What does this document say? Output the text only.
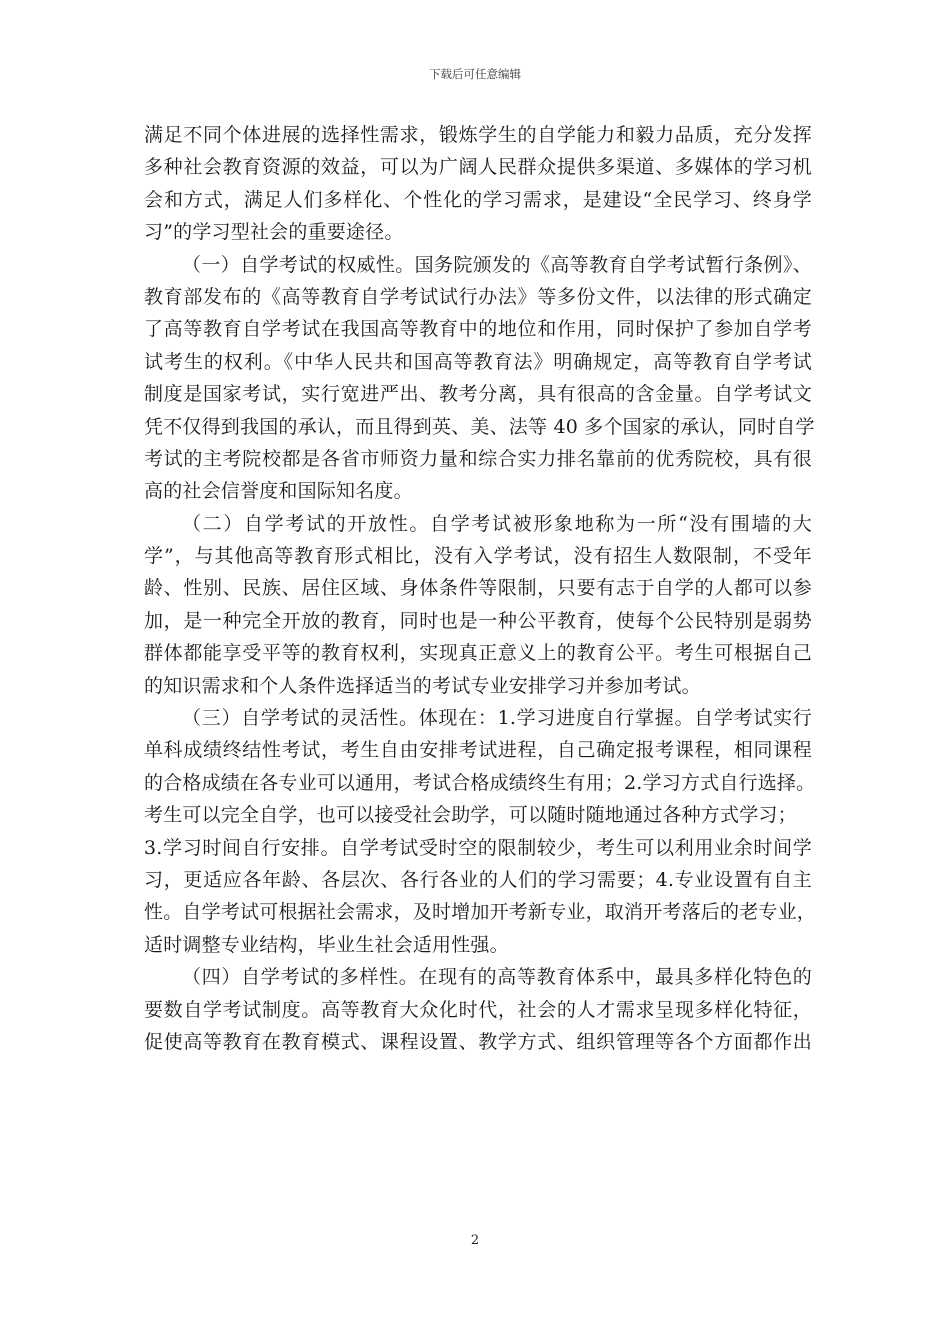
下载后可任意编辑
满足不同个体进展的选择性需求，锻炼学生的自学能力和毅力品质，充分发挥
多种社会教育资源的效益，可以为广阔人民群众提供多渠道、多媒体的学习机
会和方式，满足人们多样化、个性化的学习需求，是建设“全民学习、终身学
习”的学习型社会的重要途径。
（一）自学考试的权威性。国务院颁发的《高等教育自学考试暂行条例》、
教育部发布的《高等教育自学考试试行办法》等多份文件，以法律的形式确定
了高等教育自学考试在我国高等教育中的地位和作用，同时保护了参加自学考
试考生的权利。《中华人民共和国高等教育法》明确规定，高等教育自学考试
制度是国家考试，实行宽进严出、教考分离，具有很高的含金量。自学考试文
凭不仅得到我国的承认，而且得到英、美、法等 40 多个国家的承认，同时自学
考试的主考院校都是各省市师资力量和综合实力排名靠前的优秀院校，具有很
高的社会信誉度和国际知名度。
（二）自学考试的开放性。自学考试被形象地称为一所“没有围墙的大
学”，与其他高等教育形式相比，没有入学考试，没有招生人数限制，不受年
龄、性别、民族、居住区域、身体条件等限制，只要有志于自学的人都可以参
加，是一种完全开放的教育，同时也是一种公平教育，使每个公民特别是弱势
群体都能享受平等的教育权利，实现真正意义上的教育公平。考生可根据自己
的知识需求和个人条件选择适当的考试专业安排学习并参加考试。
（三）自学考试的灵活性。体现在：1.学习进度自行掌握。自学考试实行
单科成绩终结性考试，考生自由安排考试进程，自己确定报考课程，相同课程
的合格成绩在各专业可以通用，考试合格成绩终生有用；2.学习方式自行选择。
考生可以完全自学，也可以接受社会助学，可以随时随地通过各种方式学习；
3.学习时间自行安排。自学考试受时空的限制较少，考生可以利用业余时间学
习，更适应各年龄、各层次、各行各业的人们的学习需要；4.专业设置有自主
性。自学考试可根据社会需求，及时增加开考新专业，取消开考落后的老专业，
适时调整专业结构，毕业生社会适用性强。
（四）自学考试的多样性。在现有的高等教育体系中，最具多样化特色的
要数自学考试制度。高等教育大众化时代，社会的人才需求呈现多样化特征，
促使高等教育在教育模式、课程设置、教学方式、组织管理等各个方面都作出
2
